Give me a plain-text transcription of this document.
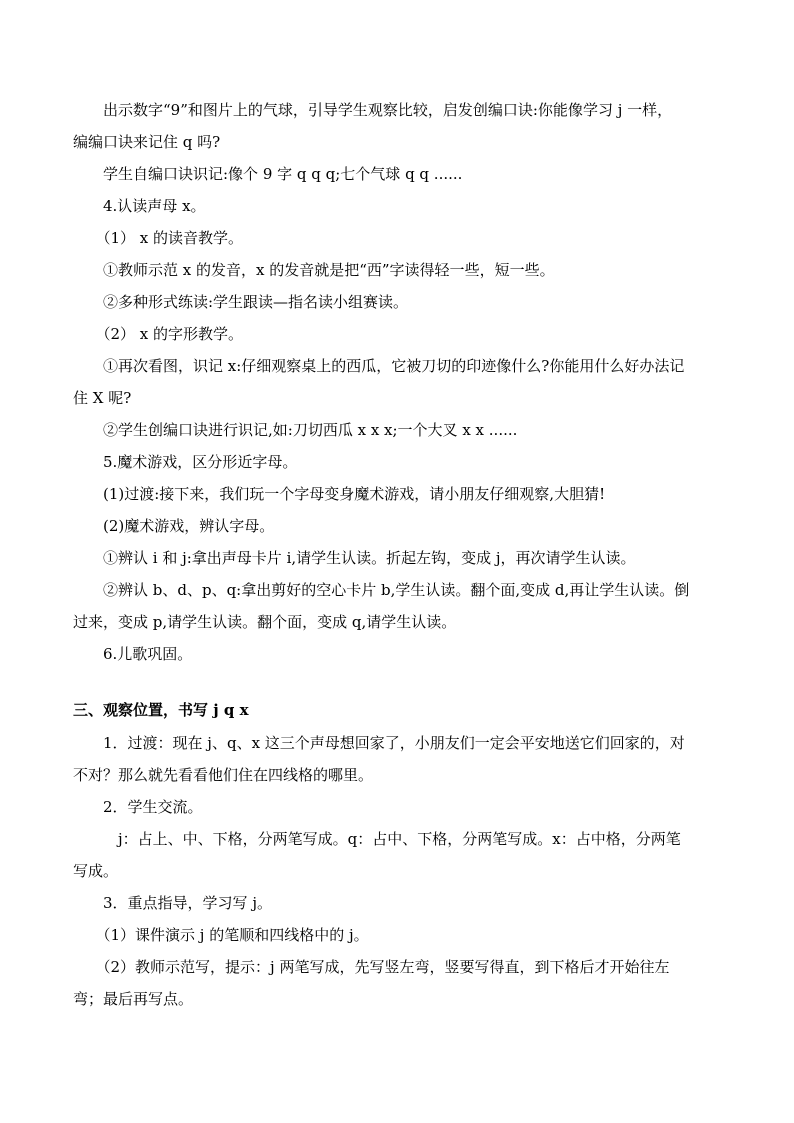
　　出示数字“9”和图片上的气球，引导学生观察比较，启发创编口诀:你能像学习 j 一样，
编编口诀来记住 q 吗?
　　学生自编口诀识记:像个 9 字 q q q;七个气球 q q ......
　　4.认读声母 x。
　　（1） x 的读音教学。
　　①教师示范 x 的发音，x 的发音就是把“西”字读得轻一些，短一些。
　　②多种形式练读:学生跟读—指名读小组赛读。
　　（2） x 的字形教学。
　　①再次看图，识记 x:仔细观察桌上的西瓜，它被刀切的印迹像什么?你能用什么好办法记
住 X 呢?
　　②学生创编口诀进行识记,如:刀切西瓜 x x x;一个大叉 x x ......
　　5.魔术游戏，区分形近字母。
　　(1)过渡:接下来，我们玩一个字母变身魔术游戏，请小朋友仔细观察,大胆猜!
　　(2)魔术游戏，辨认字母。
　　①辨认 i 和 j:拿出声母卡片 i,请学生认读。折起左钩，变成 j，再次请学生认读。
　　②辨认 b、d、p、q:拿出剪好的空心卡片 b,学生认读。翻个面,变成 d,再让学生认读。倒
过来，变成 p,请学生认读。翻个面，变成 q,请学生认读。
　　6.儿歌巩固。
三、观察位置，书写 j q x
　　1．过渡：现在 j、q、x 这三个声母想回家了，小朋友们一定会平安地送它们回家的，对
不对？那么就先看看他们住在四线格的哪里。
　　2．学生交流。
　　　j：占上、中、下格，分两笔写成。q：占中、下格，分两笔写成。x：占中格，分两笔
写成。
　　3．重点指导，学习写 j。
　　（1）课件演示 j 的笔顺和四线格中的 j。
　　（2）教师示范写，提示：j 两笔写成，先写竖左弯，竖要写得直，到下格后才开始往左
弯；最后再写点。
